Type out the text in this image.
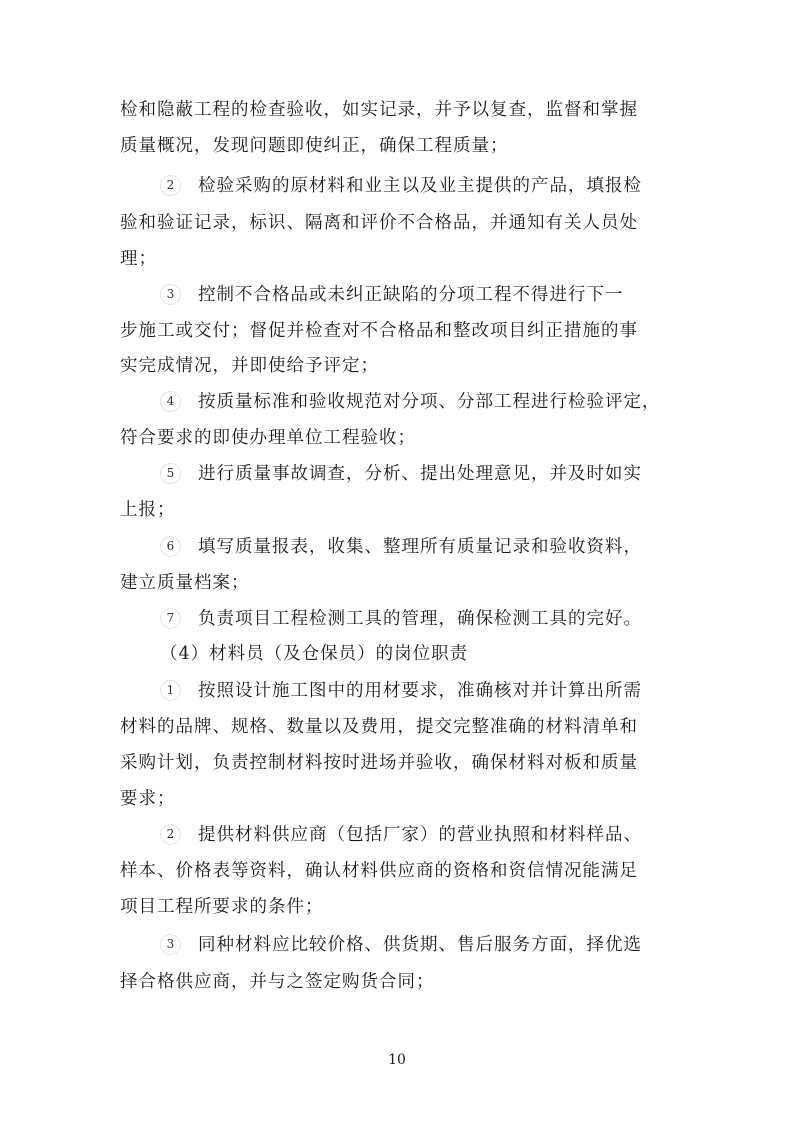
检和隐蔽工程的检查验收，如实记录，并予以复查，监督和掌握
质量概况，发现问题即使纠正，确保工程质量；
2 检验采购的原材料和业主以及业主提供的产品，填报检
验和验证记录，标识、隔离和评价不合格品，并通知有关人员处
理；
3 控制不合格品或未纠正缺陷的分项工程不得进行下一
步施工或交付；督促并检查对不合格品和整改项目纠正措施的事
实完成情况，并即使给予评定；
4 按质量标准和验收规范对分项、分部工程进行检验评定，
符合要求的即使办理单位工程验收；
5 进行质量事故调查，分析、提出处理意见，并及时如实
上报；
6 填写质量报表，收集、整理所有质量记录和验收资料，
建立质量档案；
7 负责项目工程检测工具的管理，确保检测工具的完好。
（4）材料员（及仓保员）的岗位职责
1 按照设计施工图中的用材要求，准确核对并计算出所需
材料的品牌、规格、数量以及费用，提交完整准确的材料清单和
采购计划，负责控制材料按时进场并验收，确保材料对板和质量
要求；
2 提供材料供应商（包括厂家）的营业执照和材料样品、
样本、价格表等资料，确认材料供应商的资格和资信情况能满足
项目工程所要求的条件；
3 同种材料应比较价格、供货期、售后服务方面，择优选
择合格供应商，并与之签定购货合同；
10
